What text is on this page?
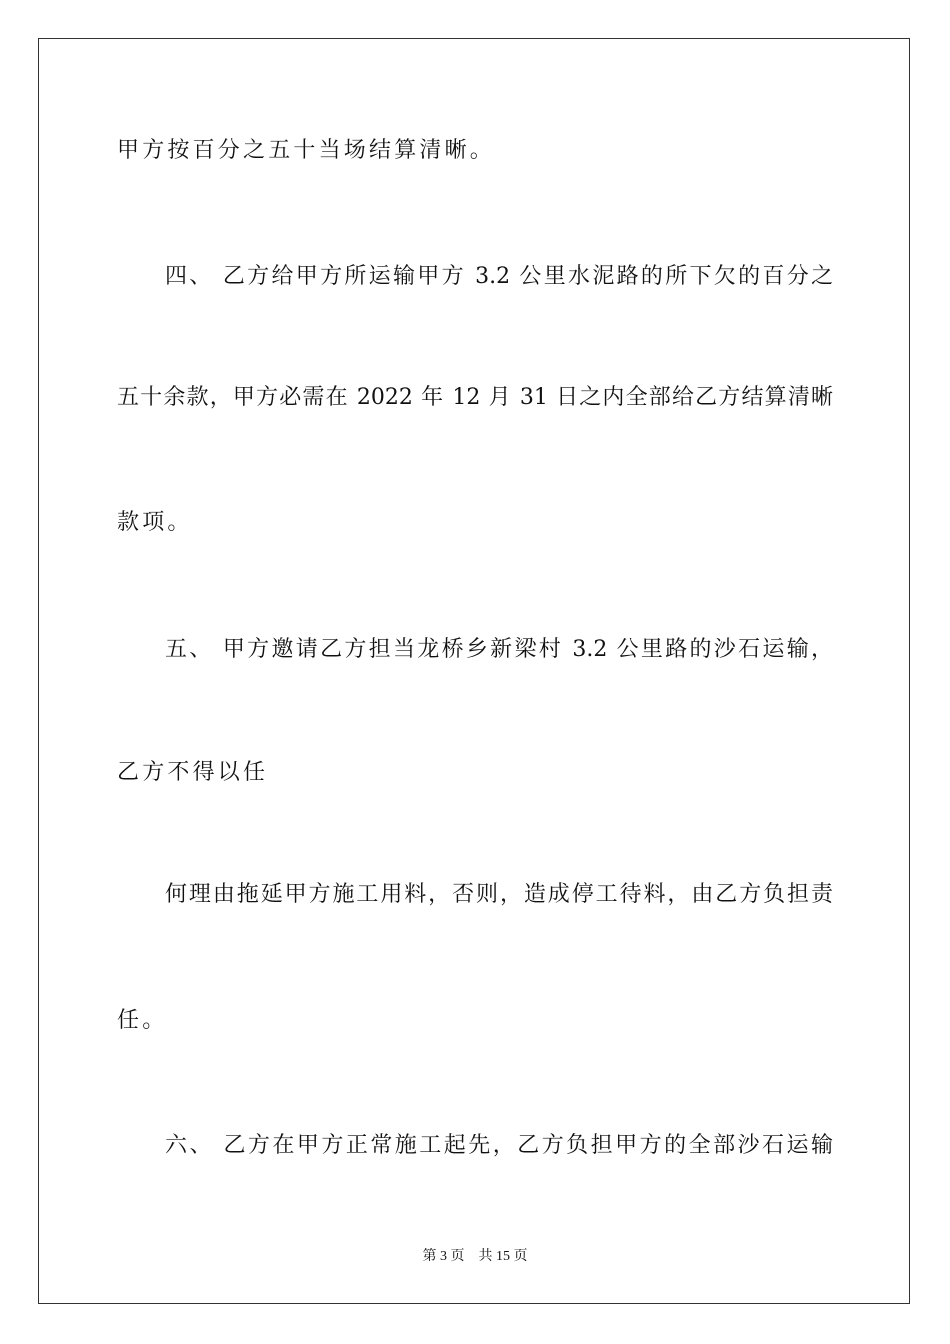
甲方按百分之五十当场结算清晰。

四、 乙方给甲方所运输甲方 3.2 公里水泥路的所下欠的百分之

五十余款，甲方必需在 2022 年 12 月 31 日之内全部给乙方结算清晰

款项。

五、 甲方邀请乙方担当龙桥乡新梁村 3.2 公里路的沙石运输，

乙方不得以任

何理由拖延甲方施工用料，否则，造成停工待料，由乙方负担责

任。

六、 乙方在甲方正常施工起先，乙方负担甲方的全部沙石运输

第 3 页 共 15 页
